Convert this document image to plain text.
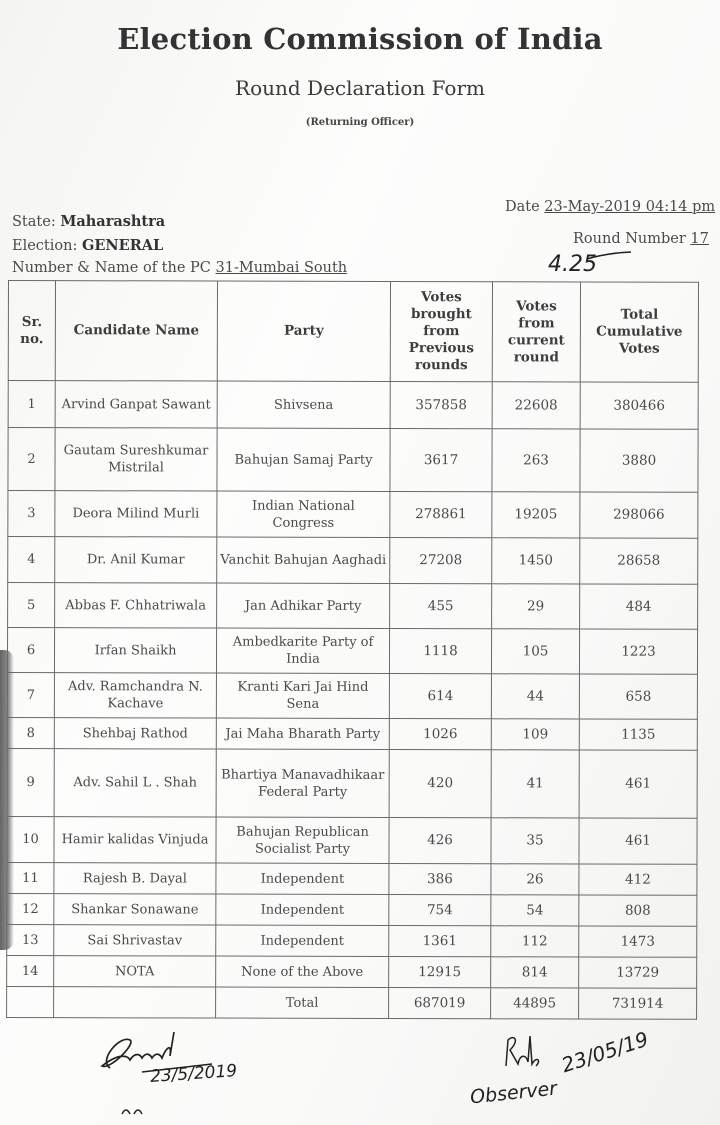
Election Commission of India
Round Declaration Form
(Returning Officer)
Date 23-May-2019 04:14 pm
State: Maharashtra
Round Number 17
Election: GENERAL
Number & Name of the PC 31-Mumbai South	4.25
Sr. no.	Candidate Name	Party	Votes brought from Previous rounds	Votes from current round	Total Cumulative Votes
1	Arvind Ganpat Sawant	Shivsena	357858	22608	380466
2	Gautam Sureshkumar Mistrilal	Bahujan Samaj Party	3617	263	3880
3	Deora Milind Murli	Indian National Congress	278861	19205	298066
4	Dr. Anil Kumar	Vanchit Bahujan Aaghadi	27208	1450	28658
5	Abbas F. Chhatriwala	Jan Adhikar Party	455	29	484
6	Irfan Shaikh	Ambedkarite Party of India	1118	105	1223
7	Adv. Ramchandra N. Kachave	Kranti Kari Jai Hind Sena	614	44	658
8	Shehbaj Rathod	Jai Maha Bharath Party	1026	109	1135
9	Adv. Sahil L . Shah	Bhartiya Manavadhikaar Federal Party	420	41	461
10	Hamir kalidas Vinjuda	Bahujan Republican Socialist Party	426	35	461
11	Rajesh B. Dayal	Independent	386	26	412
12	Shankar Sonawane	Independent	754	54	808
13	Sai Shrivastav	Independent	1361	112	1473
14	NOTA	None of the Above	12915	814	13729
		Total	687019	44895	731914
23/5/2019
Observer
23/05/19
